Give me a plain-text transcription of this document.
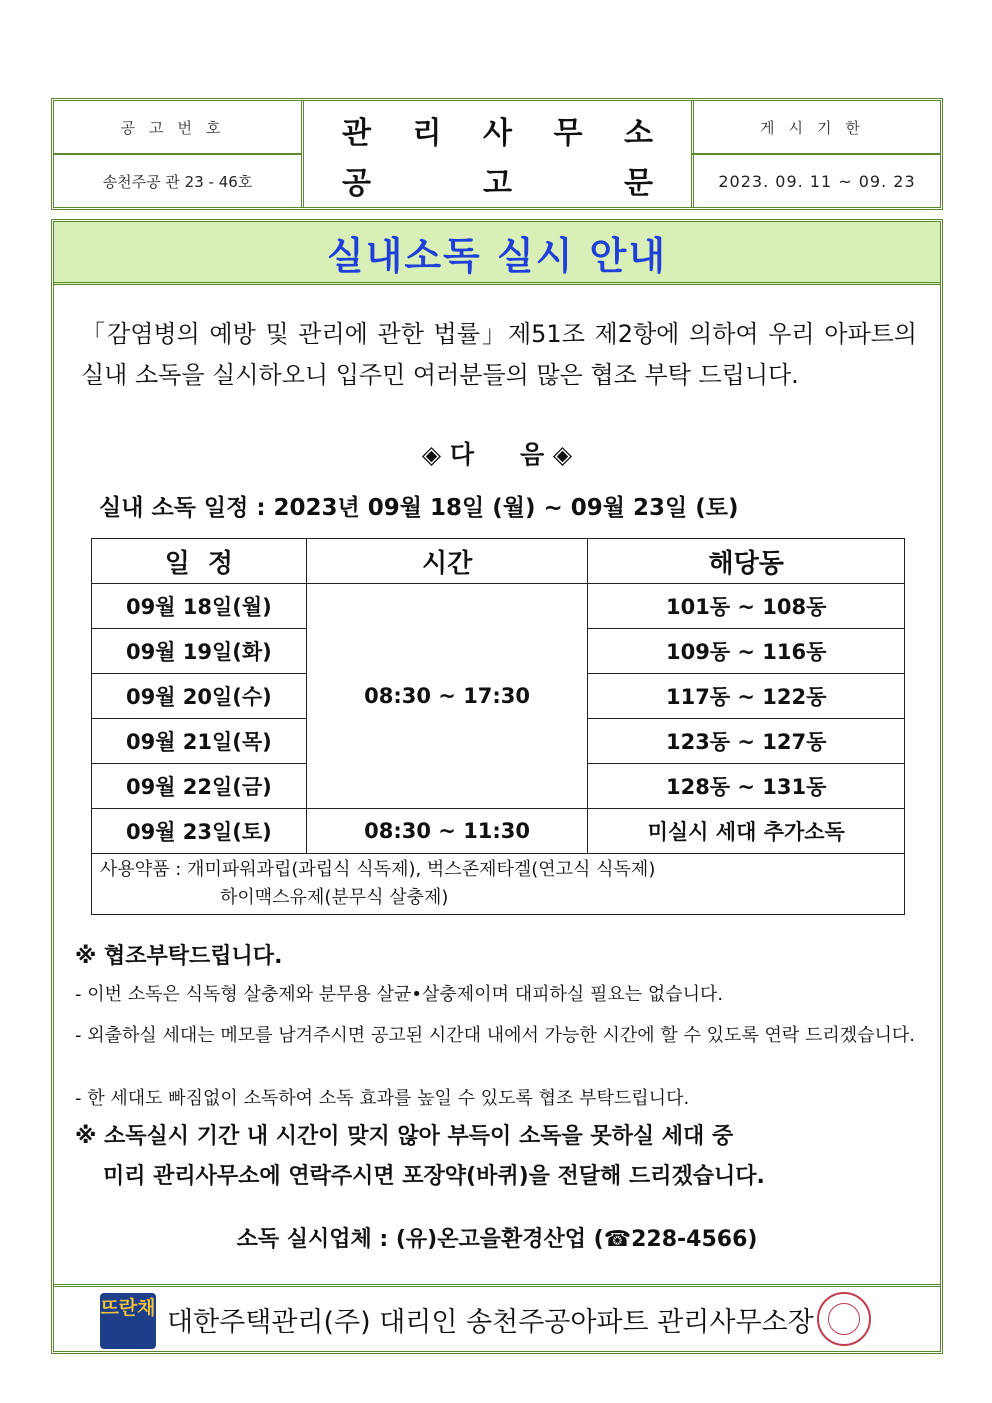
공고번호
송천주공 관 23 - 46호
관 리 사 무 소
공	고	문
게시기한
2023. 09. 11 ~ 09. 23
실내소독 실시 안내

「감염병의 예방 및 관리에 관한 법률」제51조 제2항에 의하여 우리 아파트의 실내 소독을 실시하오니 입주민 여러분들의 많은 협조 부탁 드립니다.

◈ 다 음 ◈
실내 소독 일정 : 2023년 09월 18일 (월) ~ 09월 23일 (토)
일  정	시간	해당동
09월 18일(월)	08:30 ~ 17:30	101동 ~ 108동
09월 19일(화)		109동 ~ 116동
09월 20일(수)		117동 ~ 122동
09월 21일(목)		123동 ~ 127동
09월 22일(금)		128동 ~ 131동
09월 23일(토)	08:30 ~ 11:30	미실시 세대 추가소독

사용약품 : 개미파워과립(과립식 식독제), 벅스존제타겔(연고식 식독제)
하이맥스유제(분무식 살충제)		
※ 협조부탁드립니다.
- 이번 소독은 식독형 살충제와 분무용 살균•살충제이며 대피하실 필요는 없습니다.
- 외출하실 세대는 메모를 남겨주시면 공고된 시간대 내에서 가능한 시간에 할 수 있도록 연락 드리겠습니다.
- 한 세대도 빠짐없이 소독하여 소독 효과를 높일 수 있도록 협조 부탁드립니다.
※ 소독실시 기간 내 시간이 맞지 않아 부득이 소독을 못하실 세대 중
미리 관리사무소에 연락주시면 포장약(바퀴)을 전달해 드리겠습니다.
소독 실시업체 : (유)온고을환경산업 (☎228-4566)
뜨란채 대한주택관리(주) 대리인 송천주공아파트 관리사무소장
